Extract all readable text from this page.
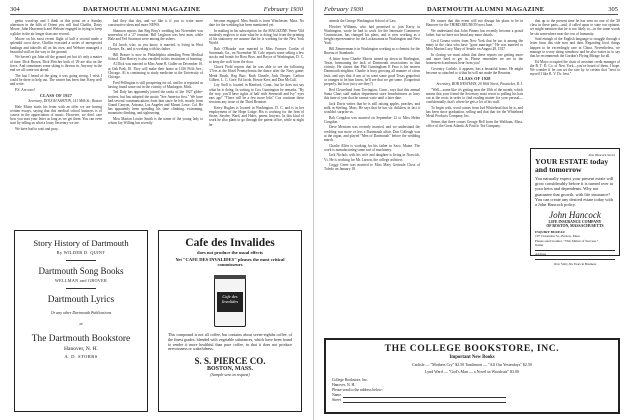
304	DARTMOUTH ALUMNI MAGAZINE	February 1930

gettin wood-up and I think at this point on a Sunday afternoon in the hills of Orient you will find Chaffin, Daisy Moore, John Heavenrich and Webster engaged in trying to keep a glider in the air longer than one second.

Moore on his most recent flight of half a second made a splendid cross drive, Chaffin executed a series of unexpected landings and takeoffs all on his own, and Webster managed a beautiful stall on the way to the ground.

We haven't got John off the ground yet but it's only a matter of time. Dick Brown, Dick Fletcher both of '29 are also on the force. And sometimes some skiing is thrown in. Anyway in the end we all come out ahead.

The last I heard of the gang it was going strong. I wish I could be there to help out. The winter has been fine. Keep well and write.

P.S. Are ours?

CLASS OF 1927

Secretary, DOUGH ASHTON, 141 Milk St., Boston

Hale Moon starts his letter with an offer we are having written essays, saying that this medical school business is of course in the appreciation of music. However, we don't care how you start your letter as long as we get them. You can even start by telling us what a lousy Secretary we are.

We have had to wait and pray...

had they that day, and we like it if you to write more constructive ideas and more NEWS.

Shannon reports that Reg Bray's wedding last November was somewhat of a '27 reunion. Bill Leighton was best man, while Hale and Ted Swanson were among the ushers.

Ed Jacob, who, as you know, is married, is living in West Chester, Pa., and is working with his father.

Bill Brauer is now in Philadelphia attending Penn Medical School. Dan Harvey is also enrolled in this institution of learning.

Al Dick was married to Miss Anne B. Gidler on December 10, at Oak Park, Ill. They will make their home at 1416 Fifth Ave., Chicago. Al is continuing to study medicine at the University of Chicago.

Fred Pellington is still prospering for oil, and he is reported as having found some out in the vicinity of Muskegon, Mich.

Ted Daly has apparently joined the ranks of the 1927 globe-trotters, but has adopted the motto "See America first." We have had several communications from him since he left, mostly from Grand Canyon, Arizona, Los Angeles and Mount Lowe, Cal. He has apparently been spending his time climbing, swimming, mountain climbing, and sightseeing.

Miss Marion Louise Smith is the name of the young lady to whom Jay Willing has recently

become engaged. Miss Smith is from Winchester, Mass. No date for the wedding has been mentioned yet.

In mailing in his subscription for the MAGAZINE Verne Vild modestly neglects to state what he is doing; but from the printing of his stationery we assume that he is working for the New York World.

Bob O'Rourke was married to Miss Frances Conlin of Savannah, Ga., on November 30. Cole reports some selling a few stocks and bonds for Ross Bros. and Boyce of Washington, D. C. to keep the wolf from the door.

Chuck Field reports that he was able to see the following '27ers at the Hotel Pennsylvania the dance after the Navy game: Menk Brush, Reg Burr, Ruth Cheatle, Jack Draper, Carlton Gilbert, L. C. Gore, Ed Jacob, Howie Kerr, and Don McCall.

Lay Stoll is located in Hartford, Conn., but he does not say what he is doing. In writing to Cox Cunnington he remarks, "By the way, you'll have rights of half with Steenrodt and Ivy" eyes ears ago" "There will be a few more lefts" Cox continue these sessions any issue of the Third Reunion.

Kerry Hughes is located in Washington, D. C. and is in her employment of the Hope Lodge. His is working for the firm of Stone, Snyder, Ward, and Hales, patent lawyers. In this kind of work he also plans to go through the patent office, while at night he

Story History of Dartmouth
By WILDER D. QUINT
Dartmouth Song Books
WELLMAN and GROVER
Dartmouth Lyrics
Or any other Dartmouth Publications
at
The Dartmouth Bookstore
Hanover, N. H.
A. D. STORRS
Cafe des Invalides
does not produce the usual effects
Yet "CAFE DES INVALIDES" pleases the most critical connoisseurs
Cafe des Invalides
This compound is not all coffee, but contains about seven-eighths coffee, of the finest grades, blended with vegetable substances, which have been found to render it more healthful than pure coffee, in that it does not produce nervousness or wakefulness.
S. S. PIERCE CO.
BOSTON, MASS.
(Sample sent on request)
February 1930	DARTMOUTH ALUMNI MAGAZINE	305

attends the George Washington School of Law.

Fletcher Williams, who had promised to join Kerry in Washington, wrote he had to work for the Interstate Commerce Commission, has changed his plans, and is now working as a freight representative for the Lackawanna in Washington and New York.

Bill Zimmerman is in Washington working as a chemist for the Bureau of Standards.

A letter from Charlie Morris turned up down in Burlington, Texas, bemoaning the lack of Dartmouth associations in that vicinity. He claims that Phil Cunningham Il Paso is his nearest Dartmouth neighbor. Charlie is busy growing all manner of citrus fruit, and says that if any of us want some good Texas grapefruit or oranges to let him know, he'll see that we get some. (Grapefruit properly, but how juicy are they?)

Red Cleaveland from Torrington, Conn., says that this annual Santa Claus staff makes department store breadwinners as busy this time of year that he cannot write until a later date.

Jack Davis writes that he is still raising apples, peaches, and milk in Sterling, Mass. He says that he has six children, in fact it wouldn't surprise us.

Bob Congdon was married on September 12 to Miss Helen Congdon.

Dave Merriam was recently married, and we understand the wedding was more or less a Dartmouth affair. Don Colleagh was at the organ, and played "Men of Dartmouth" before the wedding march.

Charlie Allen is working for his father in Saco, Maine. The work is manufacturing some sort of machinery.

Jack Nichols with his wife and daughter is living in Norwich, Vt. He is working for Mr. Larson, the college architect.

Coggy Greer was married to Miss Mary Gertrude Close of Toledo on January 18.

He causes that this event will not disrupt his plans to be in Hanover for the THIRD REUNION next June.

We understand that John Pinneo has recently become a proud father, but we have not heard any more details.

Cecil Cosma writes from New York that he too is among the many in the class who have "gone marriage." He was married to Miss Marion Lucy Mary of Seattle on August 28, 1927.

In closing we must admit that these reports are getting more and more hard to get in. Please remember we are in the homestretch and must hear from you!

Coventry Carlisle, it appears, has a beautiful home. He might become so attached to it that he will not make the Reunion.

CLASS OF 1928

Secretary, BOB WESTMAN, 20 Wild Street, Pawtucket, R. I.

"Well—some like it's getting near the 10th of the month, which means that your friend the Secretary must resort to pulling his hair out at the roots in order to find reading matter for your perusal—confidentially, that's where he gets a lot of his stuff.

To begin with, word comes from Jud Whitehead that he is, and has been since graduation, selling and that that for the Whitehead Metal Products Company, Inc.

Seems that there comes George Bell from the Waltham, Mass. office of the Great Atlantic & Pacific Tea Company.

that up to the present time he has seen no one of the '28 class in these parts—and, if called upon to state our opinion, we might mention that he is not likely to—in the same words he sits somewhere near the row of humanity.

Said enough of the English language to struggle through a letter from this side now and then. Regarding food, things happen to be exceedingly rare in China. Nevertheless, we manage to worry along somehow and he also writes in to say that he recommends the Gordon's Flying Mirage for all.

Ed Mayo occupied the chair of assistant credit manager of the R. T. D. Co. of New York—you've heard of them. I hope. We wonder if he can set the rate by to certain that "next to myself I like B. V. Dc. best."

John Hancock Series
YOUR ESTATE today and tomorrow
You naturally expect your present estate will grow considerably before it is turned over to your heirs and dependents. Why not guarantee that growth, with life insurance? You can create any desired estate today with a John Hancock policy.
John Hancock
LIFE INSURANCE COMPANY
OF BOSTON, MASSACHUSETTS
INQUIRY BUREAU
197 Clarendon St., Boston, Mass.
Please send booklet, "This Matter of Success."
Name
Address
Over Sixty-Six Years in Business
THE COLLEGE BOOKSTORE, INC.
Important New Books
Carlisle — "Mothers Cry" $2.50 Tomlinson — "All Our Yesterdays" $2.50
Lynd Ward — "God's Man — a Novel in Woodcuts" $3.00
College Bookstore, Inc.
Hanover, N. H.
Please send to the address below:
Name
Street
